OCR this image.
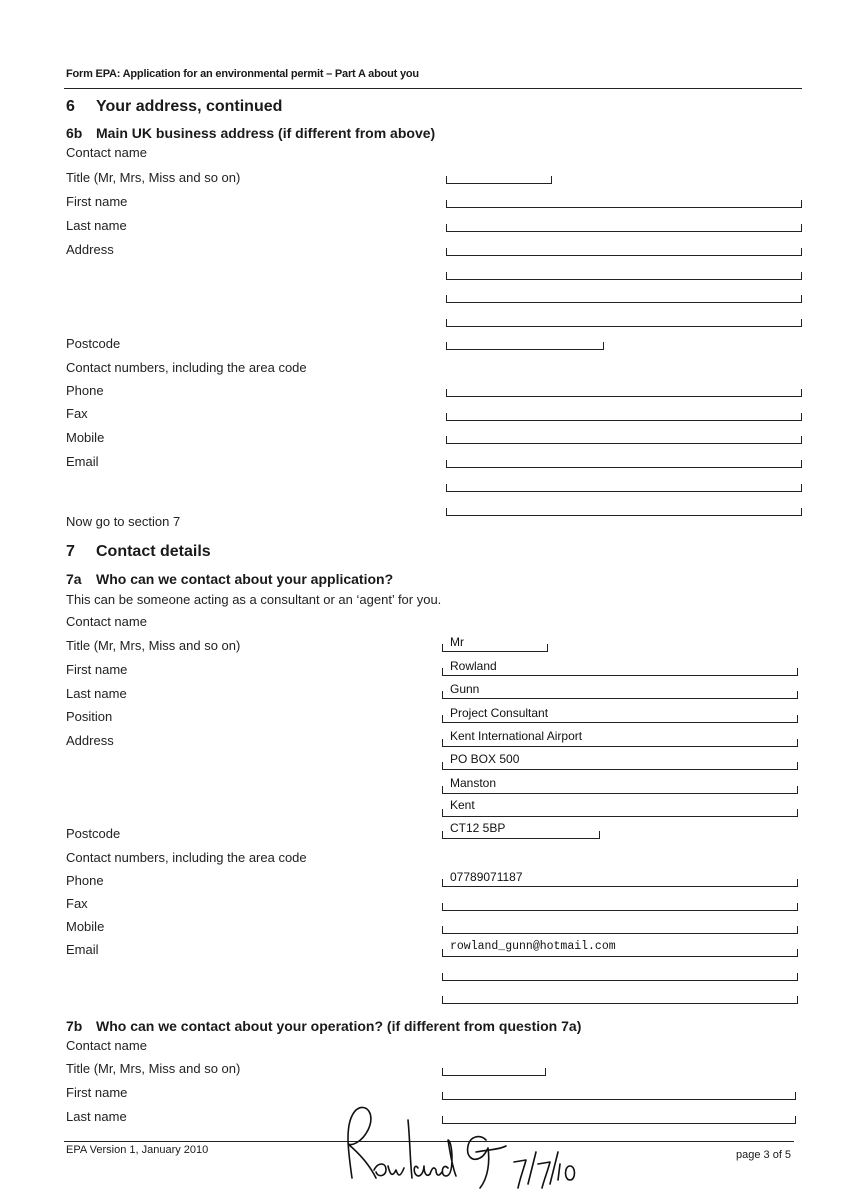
Form EPA: Application for an environmental permit – Part A about you
6 Your address, continued
6b Main UK business address (if different from above)
Contact name
Title (Mr, Mrs, Miss and so on)
First name
Last name
Address
Postcode
Contact numbers, including the area code
Phone
Fax
Mobile
Email
Now go to section 7
7 Contact details
7a Who can we contact about your application?
This can be someone acting as a consultant or an ‘agent’ for you.
Contact name
Title (Mr, Mrs, Miss and so on)
First name
Last name
Position
Address
Postcode
Contact numbers, including the area code
Phone
Fax
Mobile
Email
Mr
Rowland
Gunn
Project Consultant
Kent International Airport
PO BOX 500
Manston
Kent
CT12 5BP
07789071187
rowland_gunn@hotmail.com
7b Who can we contact about your operation? (if different from question 7a)
Contact name
Title (Mr, Mrs, Miss and so on)
First name
Last name
EPA Version 1, January 2010	page 3 of 5
